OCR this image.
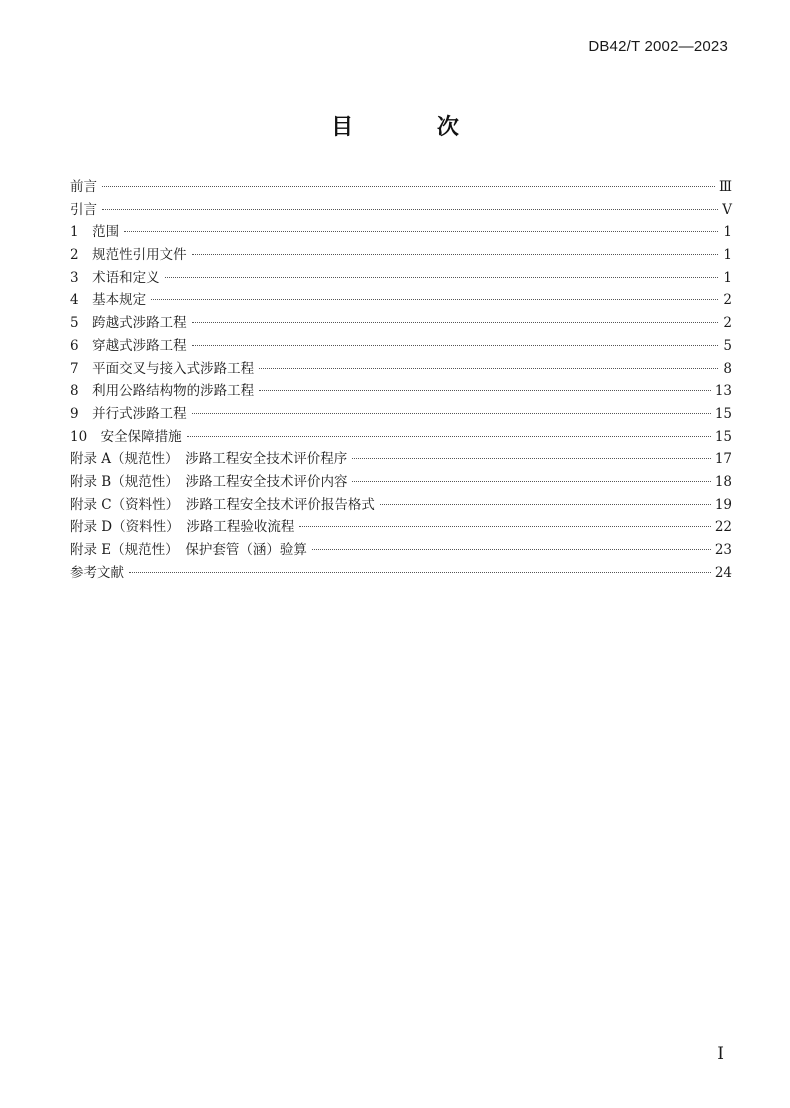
DB42/T 2002—2023
目 次
前言	Ⅲ
引言	Ⅴ
1　范围	1
2　规范性引用文件	1
3　术语和定义	1
4　基本规定	2
5　跨越式涉路工程	2
6　穿越式涉路工程	5
7　平面交叉与接入式涉路工程	8
8　利用公路结构物的涉路工程	13
9　并行式涉路工程	15
10　安全保障措施	15
附录 A（规范性）　涉路工程安全技术评价程序	17
附录 B（规范性）　涉路工程安全技术评价内容	18
附录 C（资料性）　涉路工程安全技术评价报告格式	19
附录 D（资料性）　涉路工程验收流程	22
附录 E（规范性）　保护套管（涵）验算	23
参考文献	24
Ⅰ
